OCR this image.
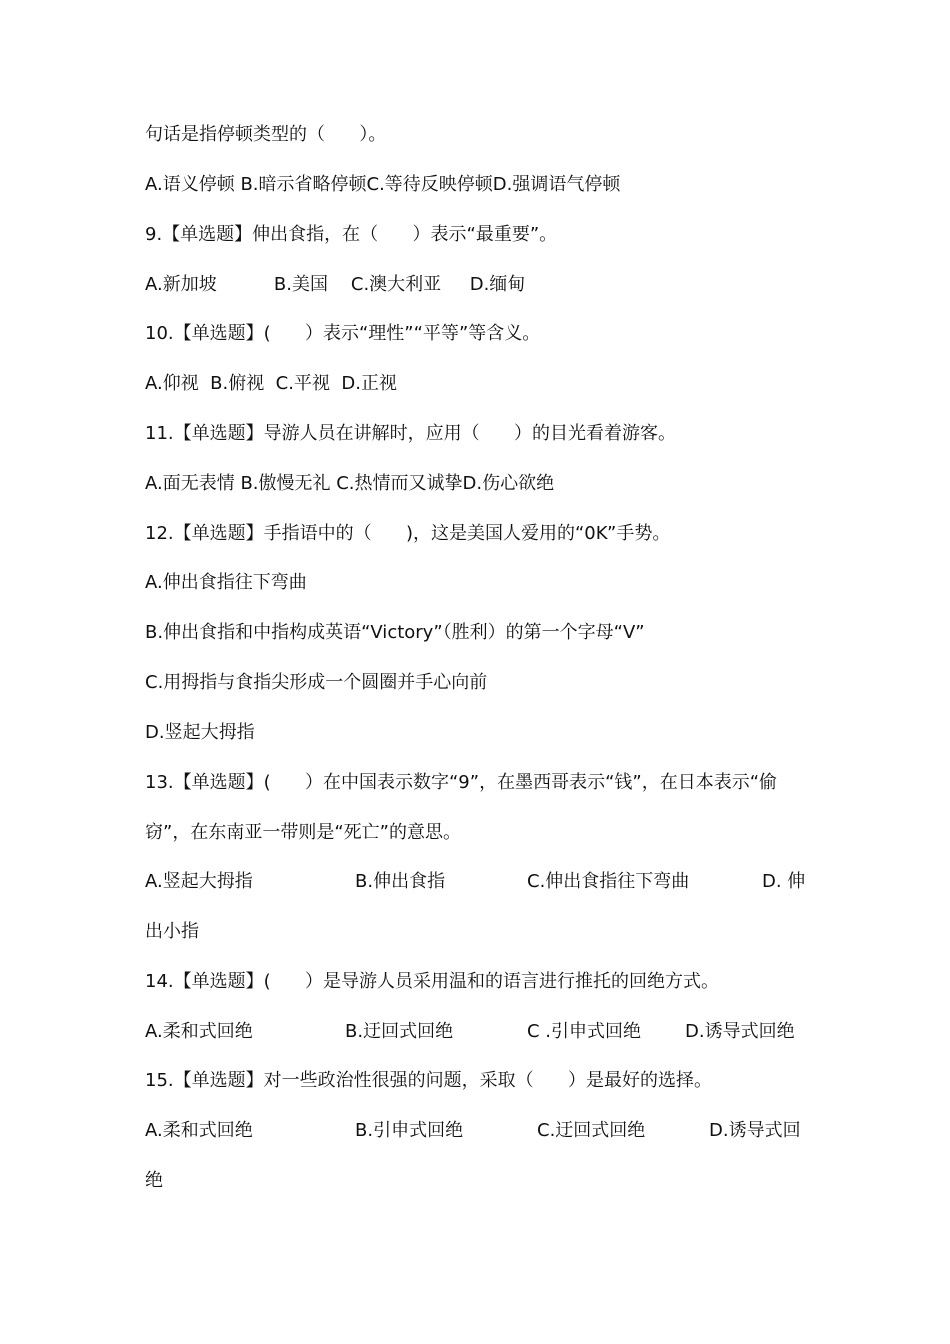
句话是指停顿类型的（      ）。
A.语义停顿 B.暗示省略停顿C.等待反映停顿D.强调语气停顿
9.【单选题】伸出食指，在（      ）表示“最重要”。
A.新加坡          B.美国    C.澳大利亚     D.缅甸
10.【单选题】(      ）表示“理性”“平等”等含义。
A.仰视  B.俯视  C.平视  D.正视
11.【单选题】导游人员在讲解时，应用（      ）的目光看着游客。
A.面无表情 B.傲慢无礼 C.热情而又诚挚D.伤心欲绝
12.【单选题】手指语中的（      )，这是美国人爱用的“0K”手势。
A.伸出食指往下弯曲
B.伸出食指和中指构成英语“Victory”（胜利）的第一个字母“V”
C.用拇指与食指尖形成一个圆圈并手心向前
D.竖起大拇指
13.【单选题】(      ）在中国表示数字“9”，在墨西哥表示“钱”，在日本表示“偷
窃”，在东南亚一带则是“死亡”的意思。
A.竖起大拇指	B.伸出食指	C.伸出食指往下弯曲	D. 伸
出小指
14.【单选题】(      ）是导游人员采用温和的语言进行推托的回绝方式。
A.柔和式回绝	B.迂回式回绝	C .引申式回绝 D.诱导式回绝
15.【单选题】对一些政治性很强的问题，采取（      ）是最好的选择。
A.柔和式回绝	B.引申式回绝	C.迂回式回绝	D.诱导式回
绝
